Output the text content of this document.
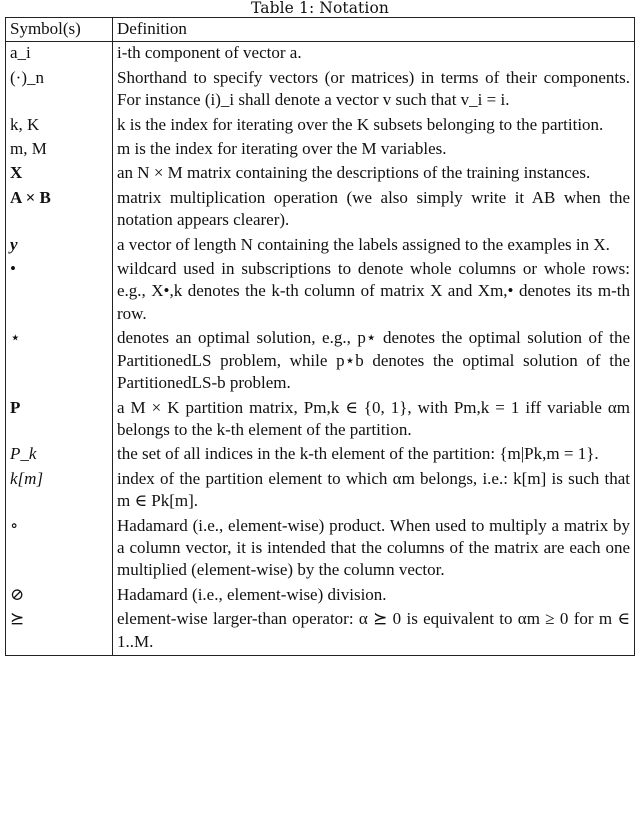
Table 1: Notation
Symbol(s)	Definition
a_i	i-th component of vector a.
(·)_n	Shorthand to specify vectors (or matrices) in terms of their components. For instance (i)_i shall denote a vector v such that v_i = i.
k, K	k is the index for iterating over the K subsets belonging to the partition.
m, M	m is the index for iterating over the M variables.
X	an N × M matrix containing the descriptions of the training instances.
A × B	matrix multiplication operation (we also simply write it AB when the notation appears clearer).
y	a vector of length N containing the labels assigned to the examples in X.
•	wildcard used in subscriptions to denote whole columns or whole rows: e.g., X•,k denotes the k-th column of matrix X and Xm,• denotes its m-th row.
⋆	denotes an optimal solution, e.g., p⋆ denotes the optimal solution of the PartitionedLS problem, while p⋆b denotes the optimal solution of the PartitionedLS-b problem.
P	a M × K partition matrix, Pm,k ∈ {0, 1}, with Pm,k = 1 iff variable αm belongs to the k-th element of the partition.
P_k	the set of all indices in the k-th element of the partition: {m|Pk,m = 1}.
k[m]	index of the partition element to which αm belongs, i.e.: k[m] is such that m ∈ Pk[m].
∘	Hadamard (i.e., element-wise) product. When used to multiply a matrix by a column vector, it is intended that the columns of the matrix are each one multiplied (element-wise) by the column vector.
⊘	Hadamard (i.e., element-wise) division.
⪰	element-wise larger-than operator: α ⪰ 0 is equivalent to αm ≥ 0 for m ∈ 1..M.
